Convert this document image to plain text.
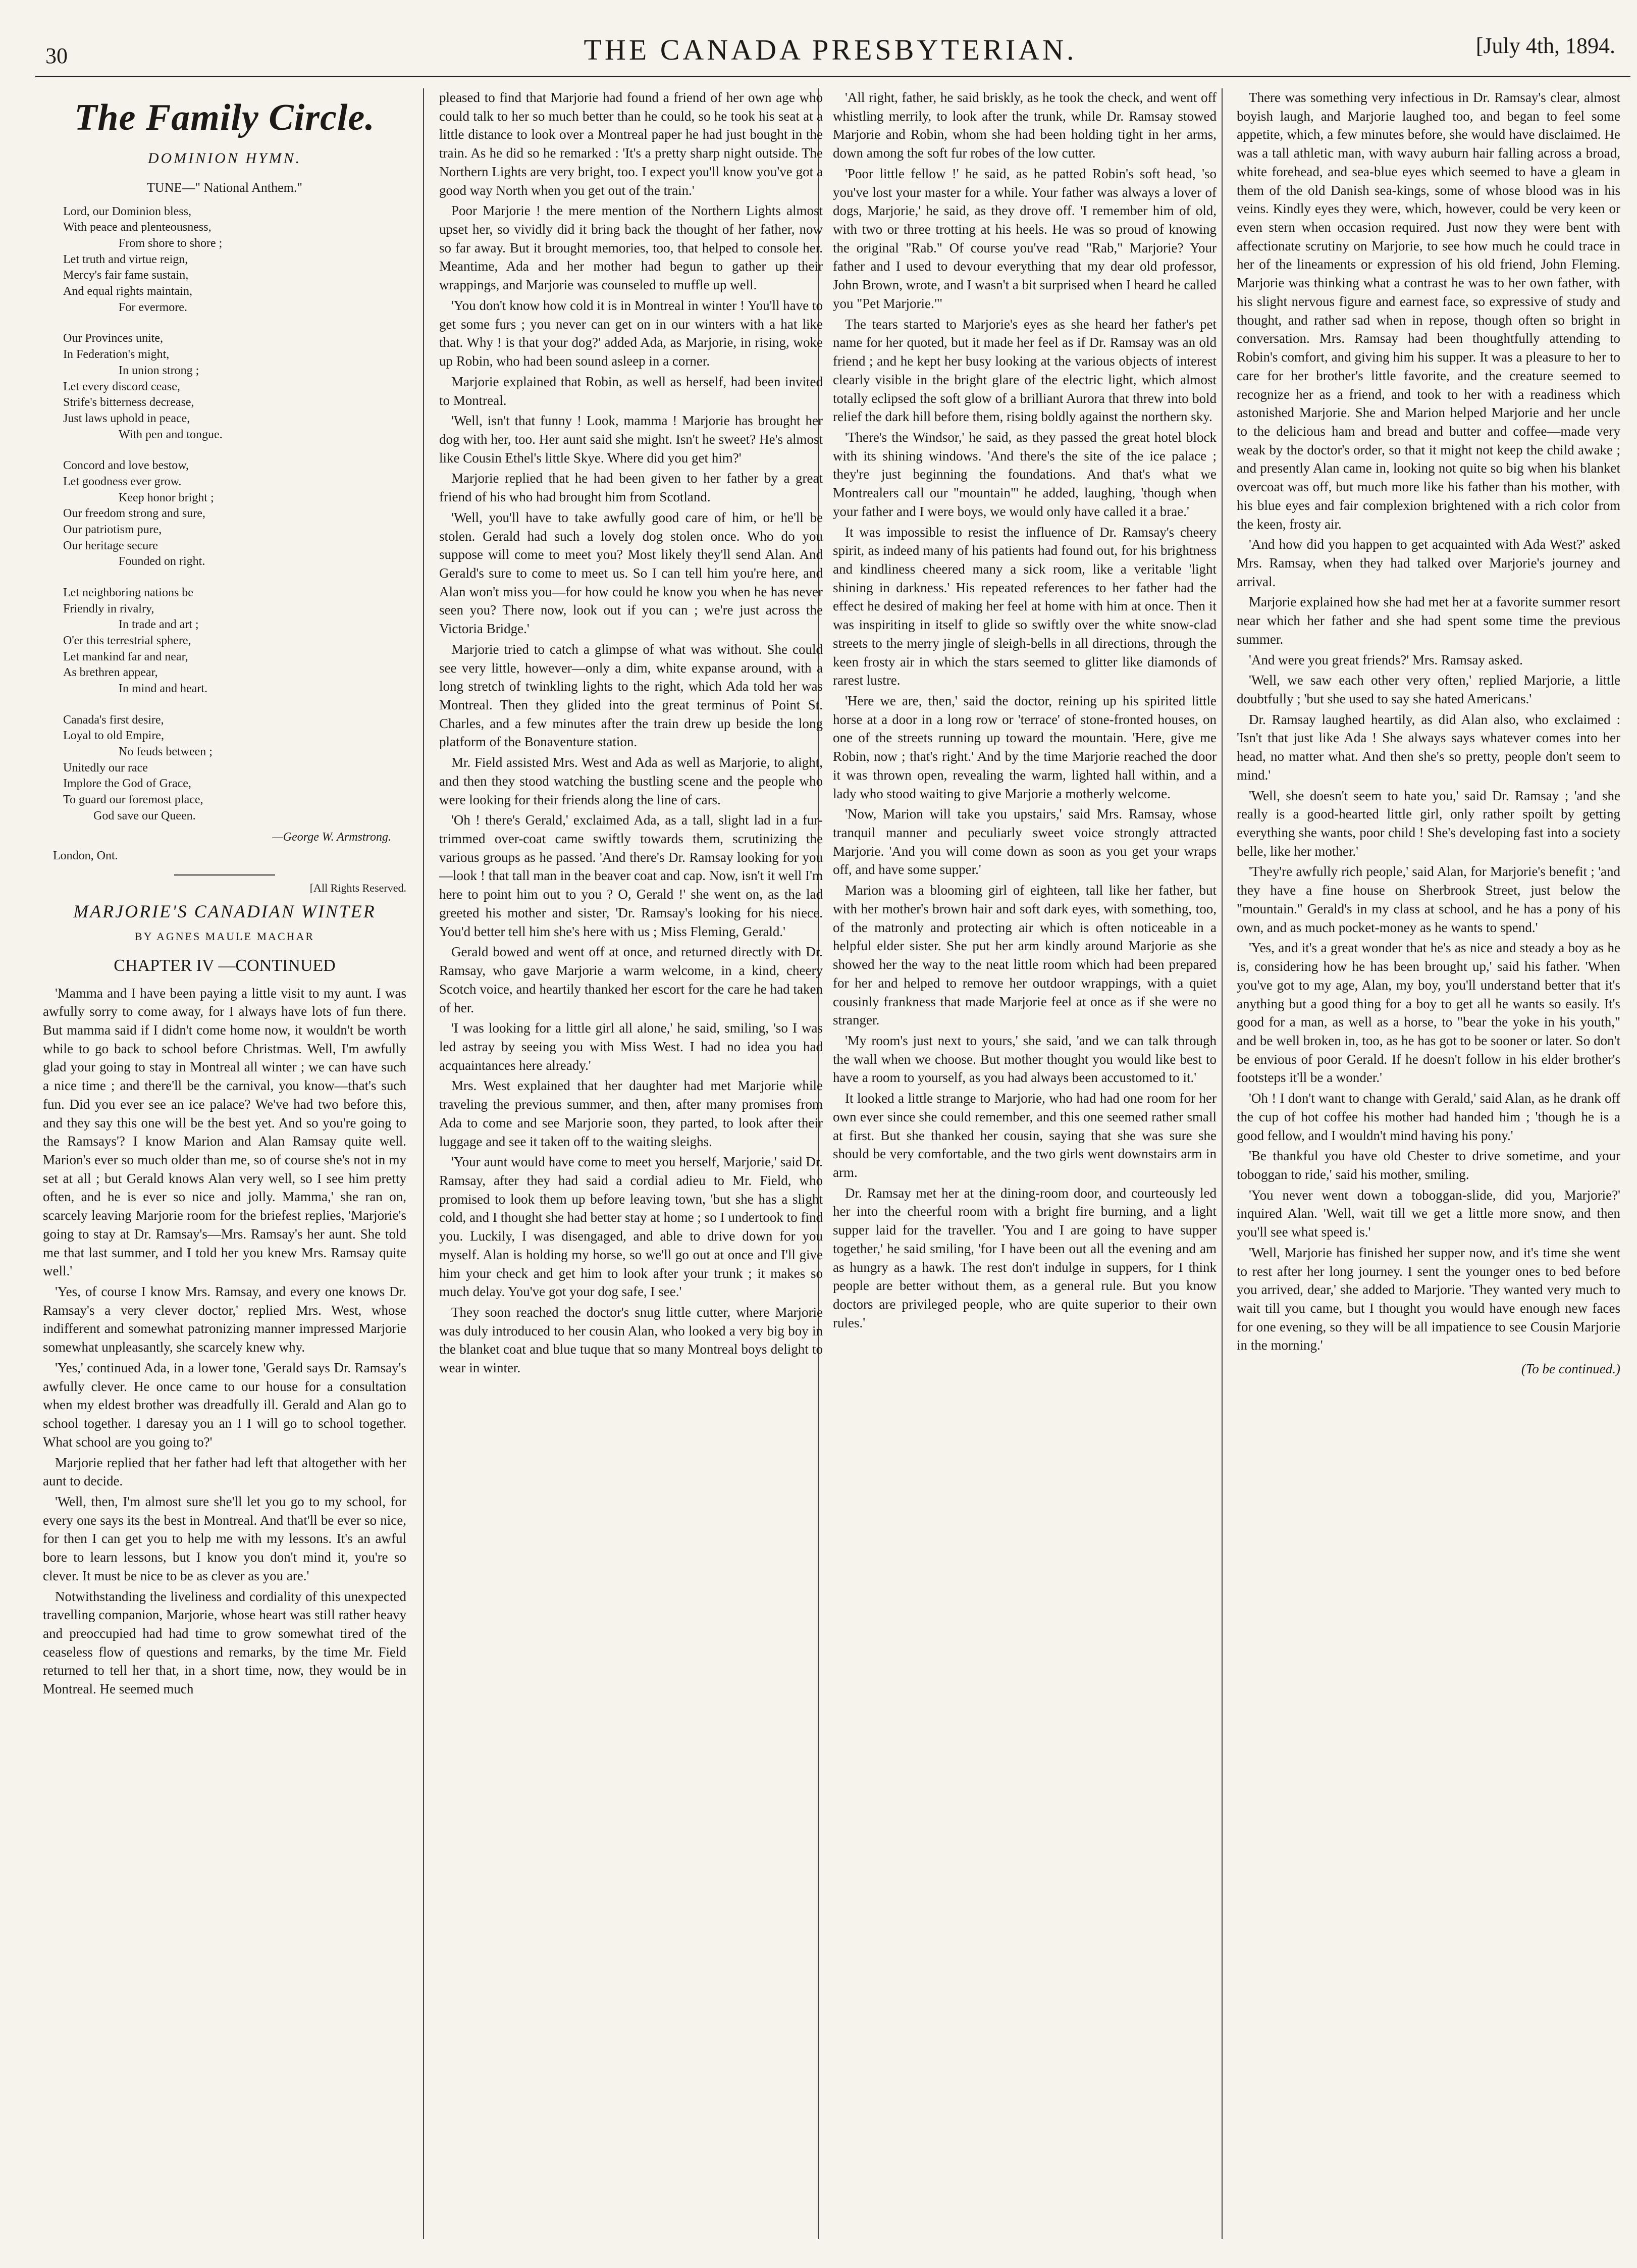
30	THE CANADA PRESBYTERIAN.	[July 4th, 1894.
The Family Circle.
DOMINION HYMN.
TUNE—" National Anthem."
Lord, our Dominion bless,
With peace and plenteousness,
From shore to shore ;
Let truth and virtue reign,
Mercy's fair fame sustain,
And equal rights maintain,
For evermore.
Our Provinces unite,
In Federation's might,
In union strong ;
Let every discord cease,
Strife's bitterness decrease,
Just laws uphold in peace,
With pen and tongue.
Concord and love bestow,
Let goodness ever grow.
Keep honor bright ;
Our freedom strong and sure,
Our patriotism pure,
Our heritage secure
Founded on right.
Let neighboring nations be
Friendly in rivalry,
In trade and art ;
O'er this terrestrial sphere,
Let mankind far and near,
As brethren appear,
In mind and heart.
Canada's first desire,
Loyal to old Empire,
No feuds between ;
Unitedly our race
Implore the God of Grace,
To guard our foremost place,
God save our Queen.
—George W. Armstrong.
London, Ont.
[All Rights Reserved.
MARJORIE'S CANADIAN WINTER
BY AGNES MAULE MACHAR
CHAPTER IV —CONTINUED

'Mamma and I have been paying a little visit to my aunt. I was awfully sorry to come away, for I always have lots of fun there. But mamma said if I didn't come home now, it wouldn't be worth while to go back to school before Christmas. Well, I'm awfully glad your going to stay in Montreal all winter ; we can have such a nice time ; and there'll be the carnival, you know—that's such fun. Did you ever see an ice palace? We've had two before this, and they say this one will be the best yet. And so you're going to the Ramsays'? I know Marion and Alan Ramsay quite well. Marion's ever so much older than me, so of course she's not in my set at all ; but Gerald knows Alan very well, so I see him pretty often, and he is ever so nice and jolly. Mamma,' she ran on, scarcely leaving Marjorie room for the briefest replies, 'Marjorie's going to stay at Dr. Ramsay's—Mrs. Ramsay's her aunt. She told me that last summer, and I told her you knew Mrs. Ramsay quite well.'

'Yes, of course I know Mrs. Ramsay, and every one knows Dr. Ramsay's a very clever doctor,' replied Mrs. West, whose indifferent and somewhat patronizing manner impressed Marjorie somewhat unpleasantly, she scarcely knew why.

'Yes,' continued Ada, in a lower tone, 'Gerald says Dr. Ramsay's awfully clever. He once came to our house for a consultation when my eldest brother was dreadfully ill. Gerald and Alan go to school together. I daresay you an I I will go to school together. What school are you going to?'

Marjorie replied that her father had left that altogether with her aunt to decide.

'Well, then, I'm almost sure she'll let you go to my school, for every one says its the best in Montreal. And that'll be ever so nice, for then I can get you to help me with my lessons. It's an awful bore to learn lessons, but I know you don't mind it, you're so clever. It must be nice to be as clever as you are.'

Notwithstanding the liveliness and cordiality of this unexpected travelling companion, Marjorie, whose heart was still rather heavy and preoccupied had had time to grow somewhat tired of the ceaseless flow of questions and remarks, by the time Mr. Field returned to tell her that, in a short time, now, they would be in Montreal. He seemed much

pleased to find that Marjorie had found a friend of her own age who could talk to her so much better than he could, so he took his seat at a little distance to look over a Montreal paper he had just bought in the train. As he did so he remarked : 'It's a pretty sharp night outside. The Northern Lights are very bright, too. I expect you'll know you've got a good way North when you get out of the train.'

Poor Marjorie ! the mere mention of the Northern Lights almost upset her, so vividly did it bring back the thought of her father, now so far away. But it brought memories, too, that helped to console her. Meantime, Ada and her mother had begun to gather up their wrappings, and Marjorie was counseled to muffle up well.

'You don't know how cold it is in Montreal in winter ! You'll have to get some furs ; you never can get on in our winters with a hat like that. Why ! is that your dog?' added Ada, as Marjorie, in rising, woke up Robin, who had been sound asleep in a corner.

Marjorie explained that Robin, as well as herself, had been invited to Montreal.

'Well, isn't that funny ! Look, mamma ! Marjorie has brought her dog with her, too. Her aunt said she might. Isn't he sweet? He's almost like Cousin Ethel's little Skye. Where did you get him?'

Marjorie replied that he had been given to her father by a great friend of his who had brought him from Scotland.

'Well, you'll have to take awfully good care of him, or he'll be stolen. Gerald had such a lovely dog stolen once. Who do you suppose will come to meet you? Most likely they'll send Alan. And Gerald's sure to come to meet us. So I can tell him you're here, and Alan won't miss you—for how could he know you when he has never seen you? There now, look out if you can ; we're just across the Victoria Bridge.'

Marjorie tried to catch a glimpse of what was without. She could see very little, however—only a dim, white expanse around, with a long stretch of twinkling lights to the right, which Ada told her was Montreal. Then they glided into the great terminus of Point St. Charles, and a few minutes after the train drew up beside the long platform of the Bonaventure station.

Mr. Field assisted Mrs. West and Ada as well as Marjorie, to alight, and then they stood watching the bustling scene and the people who were looking for their friends along the line of cars.

'Oh ! there's Gerald,' exclaimed Ada, as a tall, slight lad in a fur-trimmed over-coat came swiftly towards them, scrutinizing the various groups as he passed. 'And there's Dr. Ramsay looking for you—look ! that tall man in the beaver coat and cap. Now, isn't it well I'm here to point him out to you ? O, Gerald !' she went on, as the lad greeted his mother and sister, 'Dr. Ramsay's looking for his niece. You'd better tell him she's here with us ; Miss Fleming, Gerald.'

Gerald bowed and went off at once, and returned directly with Dr. Ramsay, who gave Marjorie a warm welcome, in a kind, cheery Scotch voice, and heartily thanked her escort for the care he had taken of her.

'I was looking for a little girl all alone,' he said, smiling, 'so I was led astray by seeing you with Miss West. I had no idea you had acquaintances here already.'

Mrs. West explained that her daughter had met Marjorie while traveling the previous summer, and then, after many promises from Ada to come and see Marjorie soon, they parted, to look after their luggage and see it taken off to the waiting sleighs.

'Your aunt would have come to meet you herself, Marjorie,' said Dr. Ramsay, after they had said a cordial adieu to Mr. Field, who promised to look them up before leaving town, 'but she has a slight cold, and I thought she had better stay at home ; so I undertook to find you. Luckily, I was disengaged, and able to drive down for you myself. Alan is holding my horse, so we'll go out at once and I'll give him your check and get him to look after your trunk ; it makes so much delay. You've got your dog safe, I see.'

They soon reached the doctor's snug little cutter, where Marjorie was duly introduced to her cousin Alan, who looked a very big boy in the blanket coat and blue tuque that so many Montreal boys delight to wear in winter.

'All right, father, he said briskly, as he took the check, and went off whistling merrily, to look after the trunk, while Dr. Ramsay stowed Marjorie and Robin, whom she had been holding tight in her arms, down among the soft fur robes of the low cutter.

'Poor little fellow !' he said, as he patted Robin's soft head, 'so you've lost your master for a while. Your father was always a lover of dogs, Marjorie,' he said, as they drove off. 'I remember him of old, with two or three trotting at his heels. He was so proud of knowing the original "Rab." Of course you've read "Rab," Marjorie? Your father and I used to devour everything that my dear old professor, John Brown, wrote, and I wasn't a bit surprised when I heard he called you "Pet Marjorie."'

The tears started to Marjorie's eyes as she heard her father's pet name for her quoted, but it made her feel as if Dr. Ramsay was an old friend ; and he kept her busy looking at the various objects of interest clearly visible in the bright glare of the electric light, which almost totally eclipsed the soft glow of a brilliant Aurora that threw into bold relief the dark hill before them, rising boldly against the northern sky.

'There's the Windsor,' he said, as they passed the great hotel block with its shining windows. 'And there's the site of the ice palace ; they're just beginning the foundations. And that's what we Montrealers call our "mountain"' he added, laughing, 'though when your father and I were boys, we would only have called it a brae.'

It was impossible to resist the influence of Dr. Ramsay's cheery spirit, as indeed many of his patients had found out, for his brightness and kindliness cheered many a sick room, like a veritable 'light shining in darkness.' His repeated references to her father had the effect he desired of making her feel at home with him at once. Then it was inspiriting in itself to glide so swiftly over the white snow-clad streets to the merry jingle of sleigh-bells in all directions, through the keen frosty air in which the stars seemed to glitter like diamonds of rarest lustre.

'Here we are, then,' said the doctor, reining up his spirited little horse at a door in a long row or 'terrace' of stone-fronted houses, on one of the streets running up toward the mountain. 'Here, give me Robin, now ; that's right.' And by the time Marjorie reached the door it was thrown open, revealing the warm, lighted hall within, and a lady who stood waiting to give Marjorie a motherly welcome.

'Now, Marion will take you upstairs,' said Mrs. Ramsay, whose tranquil manner and peculiarly sweet voice strongly attracted Marjorie. 'And you will come down as soon as you get your wraps off, and have some supper.'

Marion was a blooming girl of eighteen, tall like her father, but with her mother's brown hair and soft dark eyes, with something, too, of the matronly and protecting air which is often noticeable in a helpful elder sister. She put her arm kindly around Marjorie as she showed her the way to the neat little room which had been prepared for her and helped to remove her outdoor wrappings, with a quiet cousinly frankness that made Marjorie feel at once as if she were no stranger.

'My room's just next to yours,' she said, 'and we can talk through the wall when we choose. But mother thought you would like best to have a room to yourself, as you had always been accustomed to it.'

It looked a little strange to Marjorie, who had had one room for her own ever since she could remember, and this one seemed rather small at first. But she thanked her cousin, saying that she was sure she should be very comfortable, and the two girls went downstairs arm in arm.

Dr. Ramsay met her at the dining-room door, and courteously led her into the cheerful room with a bright fire burning, and a light supper laid for the traveller. 'You and I are going to have supper together,' he said smiling, 'for I have been out all the evening and am as hungry as a hawk. The rest don't indulge in suppers, for I think people are better without them, as a general rule. But you know doctors are privileged people, who are quite superior to their own rules.'

There was something very infectious in Dr. Ramsay's clear, almost boyish laugh, and Marjorie laughed too, and began to feel some appetite, which, a few minutes before, she would have disclaimed. He was a tall athletic man, with wavy auburn hair falling across a broad, white forehead, and sea-blue eyes which seemed to have a gleam in them of the old Danish sea-kings, some of whose blood was in his veins. Kindly eyes they were, which, however, could be very keen or even stern when occasion required. Just now they were bent with affectionate scrutiny on Marjorie, to see how much he could trace in her of the lineaments or expression of his old friend, John Fleming. Marjorie was thinking what a contrast he was to her own father, with his slight nervous figure and earnest face, so expressive of study and thought, and rather sad when in repose, though often so bright in conversation. Mrs. Ramsay had been thoughtfully attending to Robin's comfort, and giving him his supper. It was a pleasure to her to care for her brother's little favorite, and the creature seemed to recognize her as a friend, and took to her with a readiness which astonished Marjorie. She and Marion helped Marjorie and her uncle to the delicious ham and bread and butter and coffee—made very weak by the doctor's order, so that it might not keep the child awake ; and presently Alan came in, looking not quite so big when his blanket overcoat was off, but much more like his father than his mother, with his blue eyes and fair complexion brightened with a rich color from the keen, frosty air.

'And how did you happen to get acquainted with Ada West?' asked Mrs. Ramsay, when they had talked over Marjorie's journey and arrival.

Marjorie explained how she had met her at a favorite summer resort near which her father and she had spent some time the previous summer.

'And were you great friends?' Mrs. Ramsay asked.

'Well, we saw each other very often,' replied Marjorie, a little doubtfully ; 'but she used to say she hated Americans.'

Dr. Ramsay laughed heartily, as did Alan also, who exclaimed : 'Isn't that just like Ada ! She always says whatever comes into her head, no matter what. And then she's so pretty, people don't seem to mind.'

'Well, she doesn't seem to hate you,' said Dr. Ramsay ; 'and she really is a good-hearted little girl, only rather spoilt by getting everything she wants, poor child ! She's developing fast into a society belle, like her mother.'

'They're awfully rich people,' said Alan, for Marjorie's benefit ; 'and they have a fine house on Sherbrook Street, just below the "mountain." Gerald's in my class at school, and he has a pony of his own, and as much pocket-money as he wants to spend.'

'Yes, and it's a great wonder that he's as nice and steady a boy as he is, considering how he has been brought up,' said his father. 'When you've got to my age, Alan, my boy, you'll understand better that it's anything but a good thing for a boy to get all he wants so easily. It's good for a man, as well as a horse, to "bear the yoke in his youth," and be well broken in, too, as he has got to be sooner or later. So don't be envious of poor Gerald. If he doesn't follow in his elder brother's footsteps it'll be a wonder.'

'Oh ! I don't want to change with Gerald,' said Alan, as he drank off the cup of hot coffee his mother had handed him ; 'though he is a good fellow, and I wouldn't mind having his pony.'

'Be thankful you have old Chester to drive sometime, and your toboggan to ride,' said his mother, smiling.

'You never went down a toboggan-slide, did you, Marjorie?' inquired Alan. 'Well, wait till we get a little more snow, and then you'll see what speed is.'

'Well, Marjorie has finished her supper now, and it's time she went to rest after her long journey. I sent the younger ones to bed before you arrived, dear,' she added to Marjorie. 'They wanted very much to wait till you came, but I thought you would have enough new faces for one evening, so they will be all impatience to see Cousin Marjorie in the morning.'

(To be continued.)
